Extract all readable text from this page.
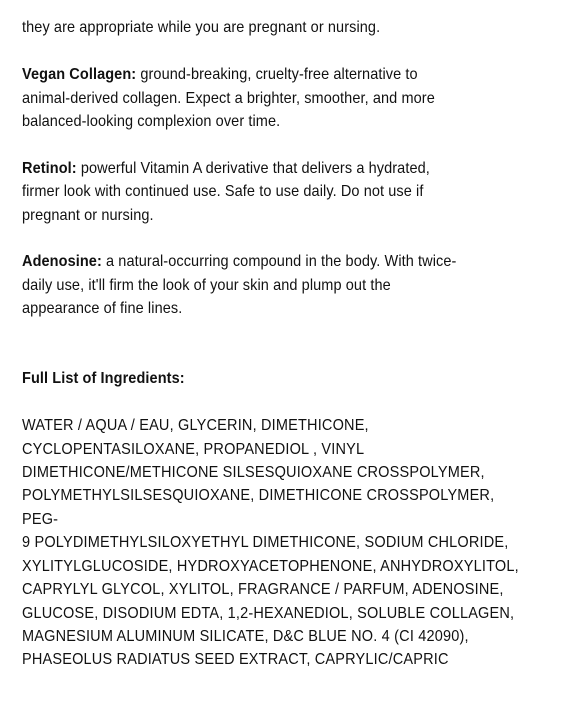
they are appropriate while you are pregnant or nursing.

Vegan Collagen: ground-breaking, cruelty-free alternative to
animal-derived collagen. Expect a brighter, smoother, and more
balanced-looking complexion over time.

Retinol: powerful Vitamin A derivative that delivers a hydrated,
firmer look with continued use. Safe to use daily. Do not use if
pregnant or nursing.

Adenosine: a natural-occurring compound in the body. With twice-
daily use, it'll firm the look of your skin and plump out the
appearance of fine lines.

Full List of Ingredients:

WATER / AQUA / EAU, GLYCERIN, DIMETHICONE,
CYCLOPENTASILOXANE, PROPANEDIOL , VINYL
DIMETHICONE/METHICONE SILSESQUIOXANE CROSSPOLYMER,
POLYMETHYLSILSESQUIOXANE, DIMETHICONE CROSSPOLYMER, PEG-
9 POLYDIMETHYLSILOXYETHYL DIMETHICONE, SODIUM CHLORIDE,
XYLITYLGLUCOSIDE, HYDROXYACETOPHENONE, ANHYDROXYLITOL,
CAPRYLYL GLYCOL, XYLITOL, FRAGRANCE / PARFUM, ADENOSINE,
GLUCOSE, DISODIUM EDTA, 1,2-HEXANEDIOL, SOLUBLE COLLAGEN,
MAGNESIUM ALUMINUM SILICATE, D&C BLUE NO. 4 (CI 42090),
PHASEOLUS RADIATUS SEED EXTRACT, CAPRYLIC/CAPRIC
